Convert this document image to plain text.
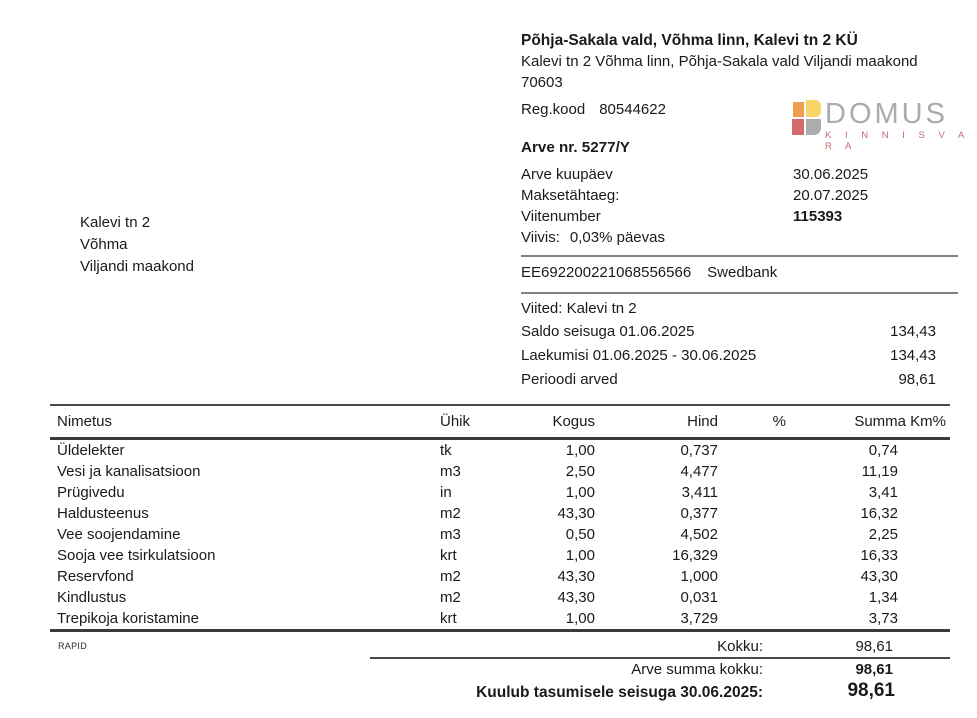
Kalevi tn 2
Võhma
Viljandi maakond
DOMUS
K I N N I S V A R A
Põhja-Sakala vald, Võhma linn, Kalevi tn 2 KÜ
Kalevi tn 2 Võhma linn, Põhja-Sakala vald Viljandi maakond
70603
Reg.kood 80544622
Arve nr. 5277/Y
Arve kuupäev	30.06.2025
Maksetähtaeg:	20.07.2025
Viitenumber	115393
Viivis: 0,03% päevas
EE692200221068556566 Swedbank
Viited: Kalevi tn 2
Saldo seisuga 01.06.2025	134,43
Laekumisi 01.06.2025 - 30.06.2025	134,43
Perioodi arved	98,61
Nimetus	Ühik	Kogus	Hind	%	Summa Km%
Üldelekter	tk	1,00	0,737		0,74
Vesi ja kanalisatsioon	m3	2,50	4,477		11,19
Prügivedu	in	1,00	3,411		3,41
Haldusteenus	m2	43,30	0,377		16,32
Vee soojendamine	m3	0,50	4,502		2,25
Sooja vee tsirkulatsioon	krt	1,00	16,329		16,33
Reservfond	m2	43,30	1,000		43,30
Kindlustus	m2	43,30	0,031		1,34
Trepikoja koristamine	krt	1,00	3,729		3,73
RAPID	Kokku:	98,61
Arve summa kokku:	98,61
Kuulub tasumisele seisuga 30.06.2025:	98,61
